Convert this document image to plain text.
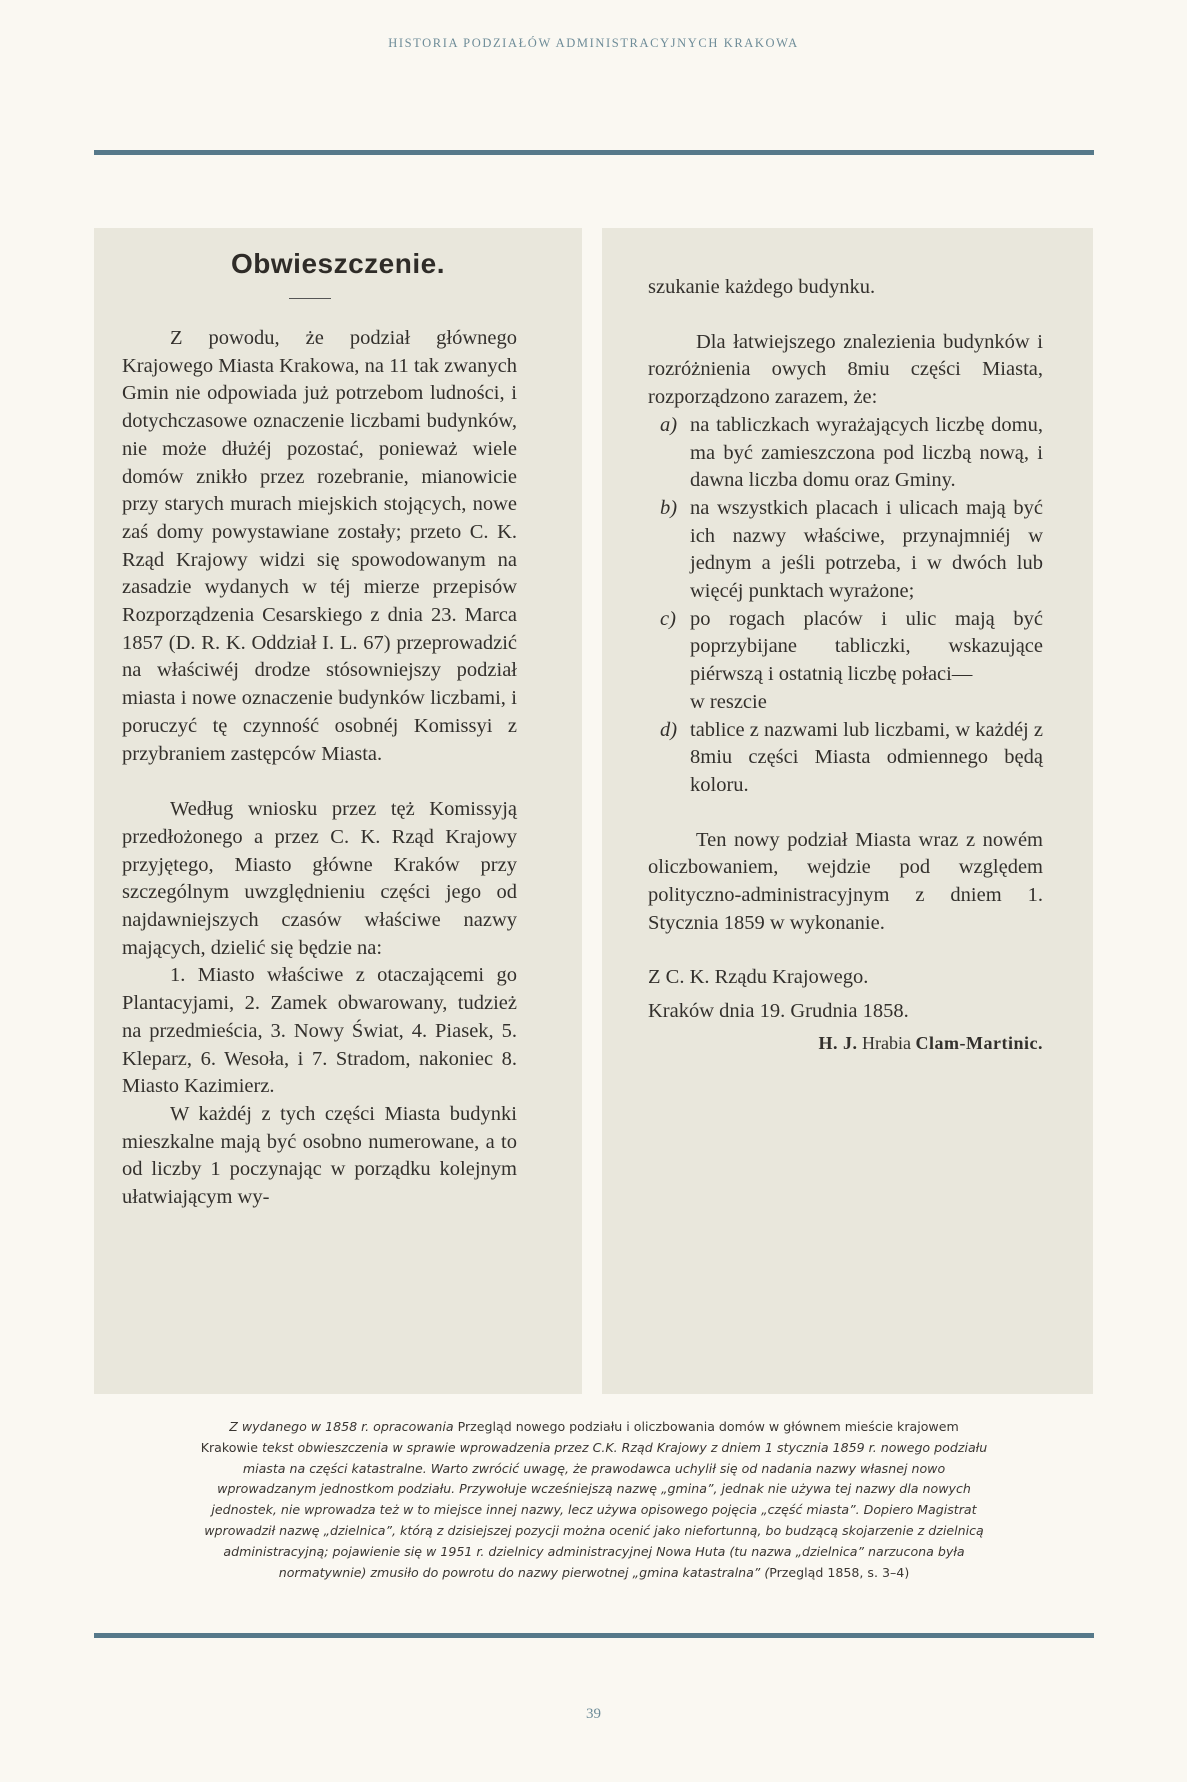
HISTORIA PODZIAŁÓW ADMINISTRACYJNYCH KRAKOWA
Obwieszczenie.

Z powodu, że podział głównego Krajowego Miasta Krakowa, na 11 tak zwanych Gmin nie odpowiada już potrzebom ludności, i dotychczasowe oznaczenie liczbami budynków, nie może dłużéj pozostać, ponieważ wiele domów znikło przez rozebranie, mianowicie przy starych murach miejskich stojących, nowe zaś domy powystawiane zostały; przeto C. K. Rząd Krajowy widzi się spowodowanym na zasadzie wydanych w téj mierze przepisów Rozporządzenia Cesarskiego z dnia 23. Marca 1857 (D. R. K. Oddział I. L. 67) przeprowadzić na właściwéj drodze stósowniejszy podział miasta i nowe oznaczenie budynków liczbami, i poruczyć tę czynność osobnéj Komissyi z przybraniem zastępców Miasta.

Według wniosku przez tęż Komissyją przedłożonego a przez C. K. Rząd Krajowy przyjętego, Miasto główne Kraków przy szczególnym uwzględnieniu części jego od najdawniejszych czasów właściwe nazwy mających, dzielić się będzie na:

1. Miasto właściwe z otaczającemi go Plantacyjami, 2. Zamek obwarowany, tudzież na przedmieścia, 3. Nowy Świat, 4. Piasek, 5. Kleparz, 6. Wesoła, i 7. Stradom, nakoniec 8. Miasto Kazimierz.

W każdéj z tych części Miasta budynki mieszkalne mają być osobno numerowane, a to od liczby 1 poczynając w porządku kolejnym ułatwiającym wy-

szukanie każdego budynku.

Dla łatwiejszego znalezienia budynków i rozróżnienia owych 8miu części Miasta, rozporządzono zarazem, że:

a) na tabliczkach wyrażających liczbę domu, ma być zamieszczona pod liczbą nową, i dawna liczba domu oraz Gminy.
b) na wszystkich placach i ulicach mają być ich nazwy właściwe, przynajmniéj w jednym a jeśli potrzeba, i w dwóch lub więcéj punktach wyrażone;
c) po rogach placów i ulic mają być poprzybijane tabliczki, wskazujące piérwszą i ostatnią liczbę połaci—
w reszcie
d) tablice z nazwami lub liczbami, w każdéj z 8miu części Miasta odmiennego będą koloru.

Ten nowy podział Miasta wraz z nowém oliczbowaniem, wejdzie pod względem polityczno-administracyjnym z dniem 1. Stycznia 1859 w wykonanie.

Z C. K. Rządu Krajowego.

Kraków dnia 19. Grudnia 1858.

H. J. Hrabia Clam-Martinic.

Z wydanego w 1858 r. opracowania Przegląd nowego podziału i oliczbowania domów w głównem mieście krajowem Krakowie tekst obwieszczenia w sprawie wprowadzenia przez C.K. Rząd Krajowy z dniem 1 stycznia 1859 r. nowego podziału miasta na części katastralne. Warto zwrócić uwagę, że prawodawca uchylił się od nadania nazwy własnej nowo wprowadzanym jednostkom podziału. Przywołuje wcześniejszą nazwę „gmina”, jednak nie używa tej nazwy dla nowych jednostek, nie wprowadza też w to miejsce innej nazwy, lecz używa opisowego pojęcia „część miasta”. Dopiero Magistrat wprowadził nazwę „dzielnica”, którą z dzisiejszej pozycji można ocenić jako niefortunną, bo budzącą skojarzenie z dzielnicą administracyjną; pojawienie się w 1951 r. dzielnicy administracyjnej Nowa Huta (tu nazwa „dzielnica” narzucona była normatywnie) zmusiło do powrotu do nazwy pierwotnej „gmina katastralna” (Przegląd 1858, s. 3–4)
39
